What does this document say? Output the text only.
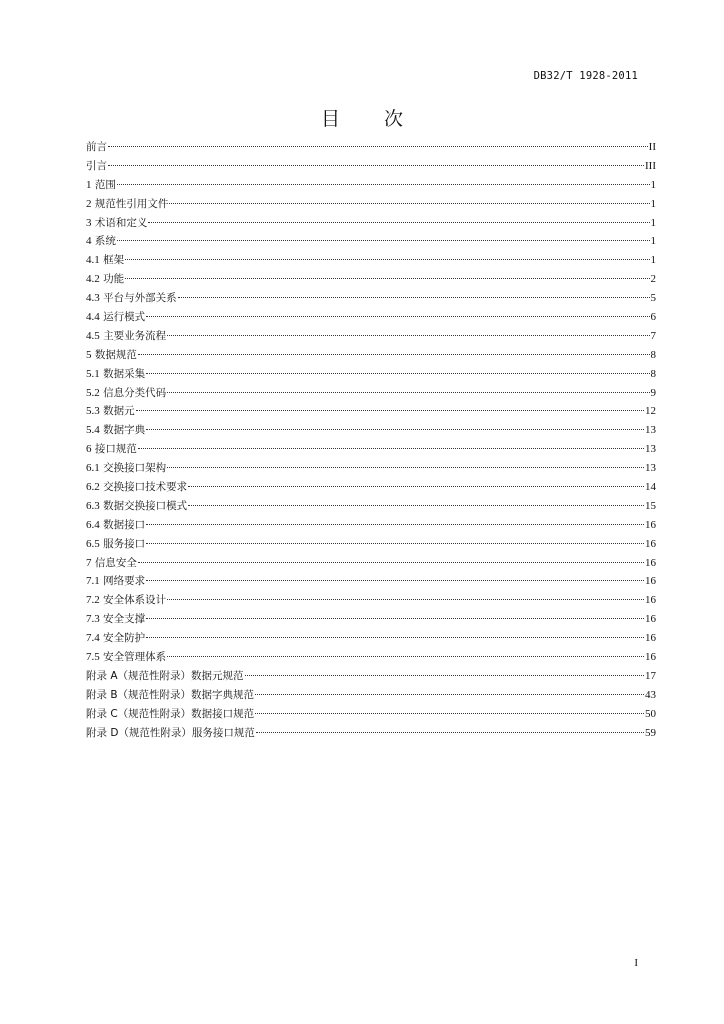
DB32/T 1928-2011
目 次
前言	II
引言	III
1 范围	1
2 规范性引用文件	1
3 术语和定义	1
4 系统	1
4.1 框架	1
4.2 功能	2
4.3 平台与外部关系	5
4.4 运行模式	6
4.5 主要业务流程	7
5 数据规范	8
5.1 数据采集	8
5.2 信息分类代码	9
5.3 数据元	12
5.4 数据字典	13
6 接口规范	13
6.1 交换接口架构	13
6.2 交换接口技术要求	14
6.3 数据交换接口模式	15
6.4 数据接口	16
6.5 服务接口	16
7 信息安全	16
7.1 网络要求	16
7.2 安全体系设计	16
7.3 安全支撑	16
7.4 安全防护	16
7.5 安全管理体系	16
附录 A（规范性附录）数据元规范	17
附录 B（规范性附录）数据字典规范	43
附录 C（规范性附录）数据接口规范	50
附录 D（规范性附录）服务接口规范	59
I
